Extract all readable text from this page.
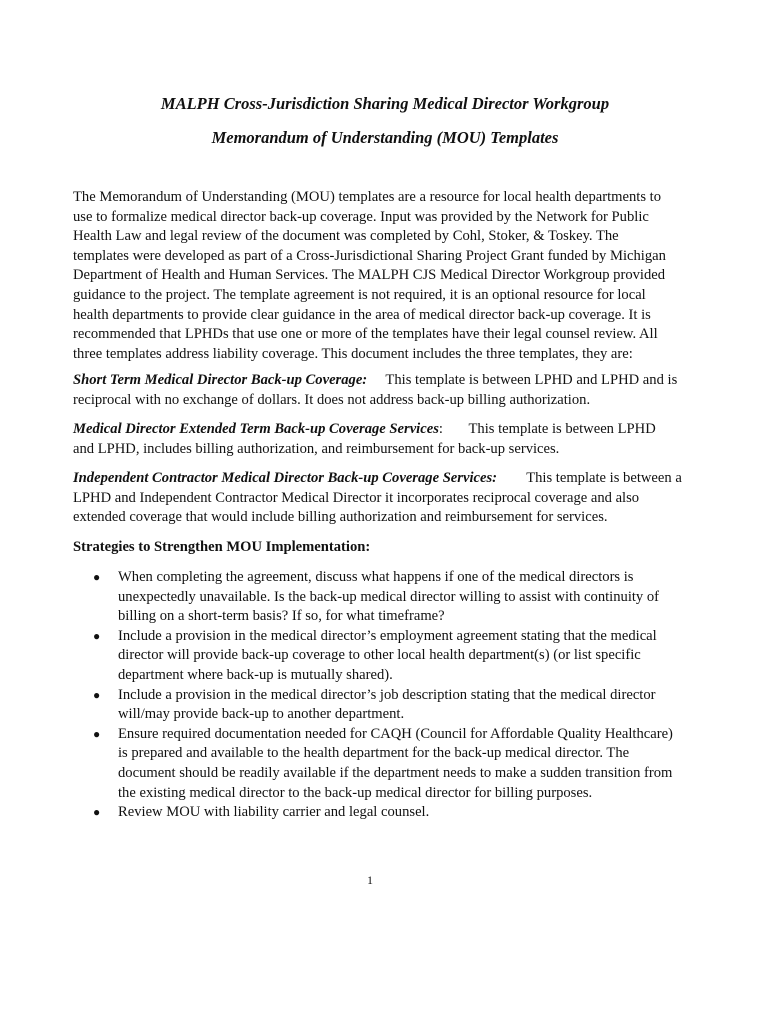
MALPH Cross-Jurisdiction Sharing Medical Director Workgroup
Memorandum of Understanding (MOU) Templates
The Memorandum of Understanding (MOU) templates are a resource for local health departments to
use to formalize medical director back-up coverage. Input was provided by the Network for Public
Health Law and legal review of the document was completed by Cohl, Stoker, & Toskey. The
templates were developed as part of a Cross-Jurisdictional Sharing Project Grant funded by Michigan
Department of Health and Human Services. The MALPH CJS Medical Director Workgroup provided
guidance to the project. The template agreement is not required, it is an optional resource for local
health departments to provide clear guidance in the area of medical director back-up coverage. It is
recommended that LPHDs that use one or more of the templates have their legal counsel review. All
three templates address liability coverage. This document includes the three templates, they are:
Short Term Medical Director Back-up Coverage: This template is between LPHD and LPHD and is
reciprocal with no exchange of dollars. It does not address back-up billing authorization.
Medical Director Extended Term Back-up Coverage Services: This template is between LPHD
and LPHD, includes billing authorization, and reimbursement for back-up services.
Independent Contractor Medical Director Back-up Coverage Services: This template is between a
LPHD and Independent Contractor Medical Director it incorporates reciprocal coverage and also
extended coverage that would include billing authorization and reimbursement for services.
Strategies to Strengthen MOU Implementation:
● When completing the agreement, discuss what happens if one of the medical directors is
unexpectedly unavailable. Is the back-up medical director willing to assist with continuity of
billing on a short-term basis? If so, for what timeframe?
● Include a provision in the medical director’s employment agreement stating that the medical
director will provide back-up coverage to other local health department(s) (or list specific
department where back-up is mutually shared).
● Include a provision in the medical director’s job description stating that the medical director
will/may provide back-up to another department.
● Ensure required documentation needed for CAQH (Council for Affordable Quality Healthcare)
is prepared and available to the health department for the back-up medical director. The
document should be readily available if the department needs to make a sudden transition from
the existing medical director to the back-up medical director for billing purposes.
● Review MOU with liability carrier and legal counsel.
1
